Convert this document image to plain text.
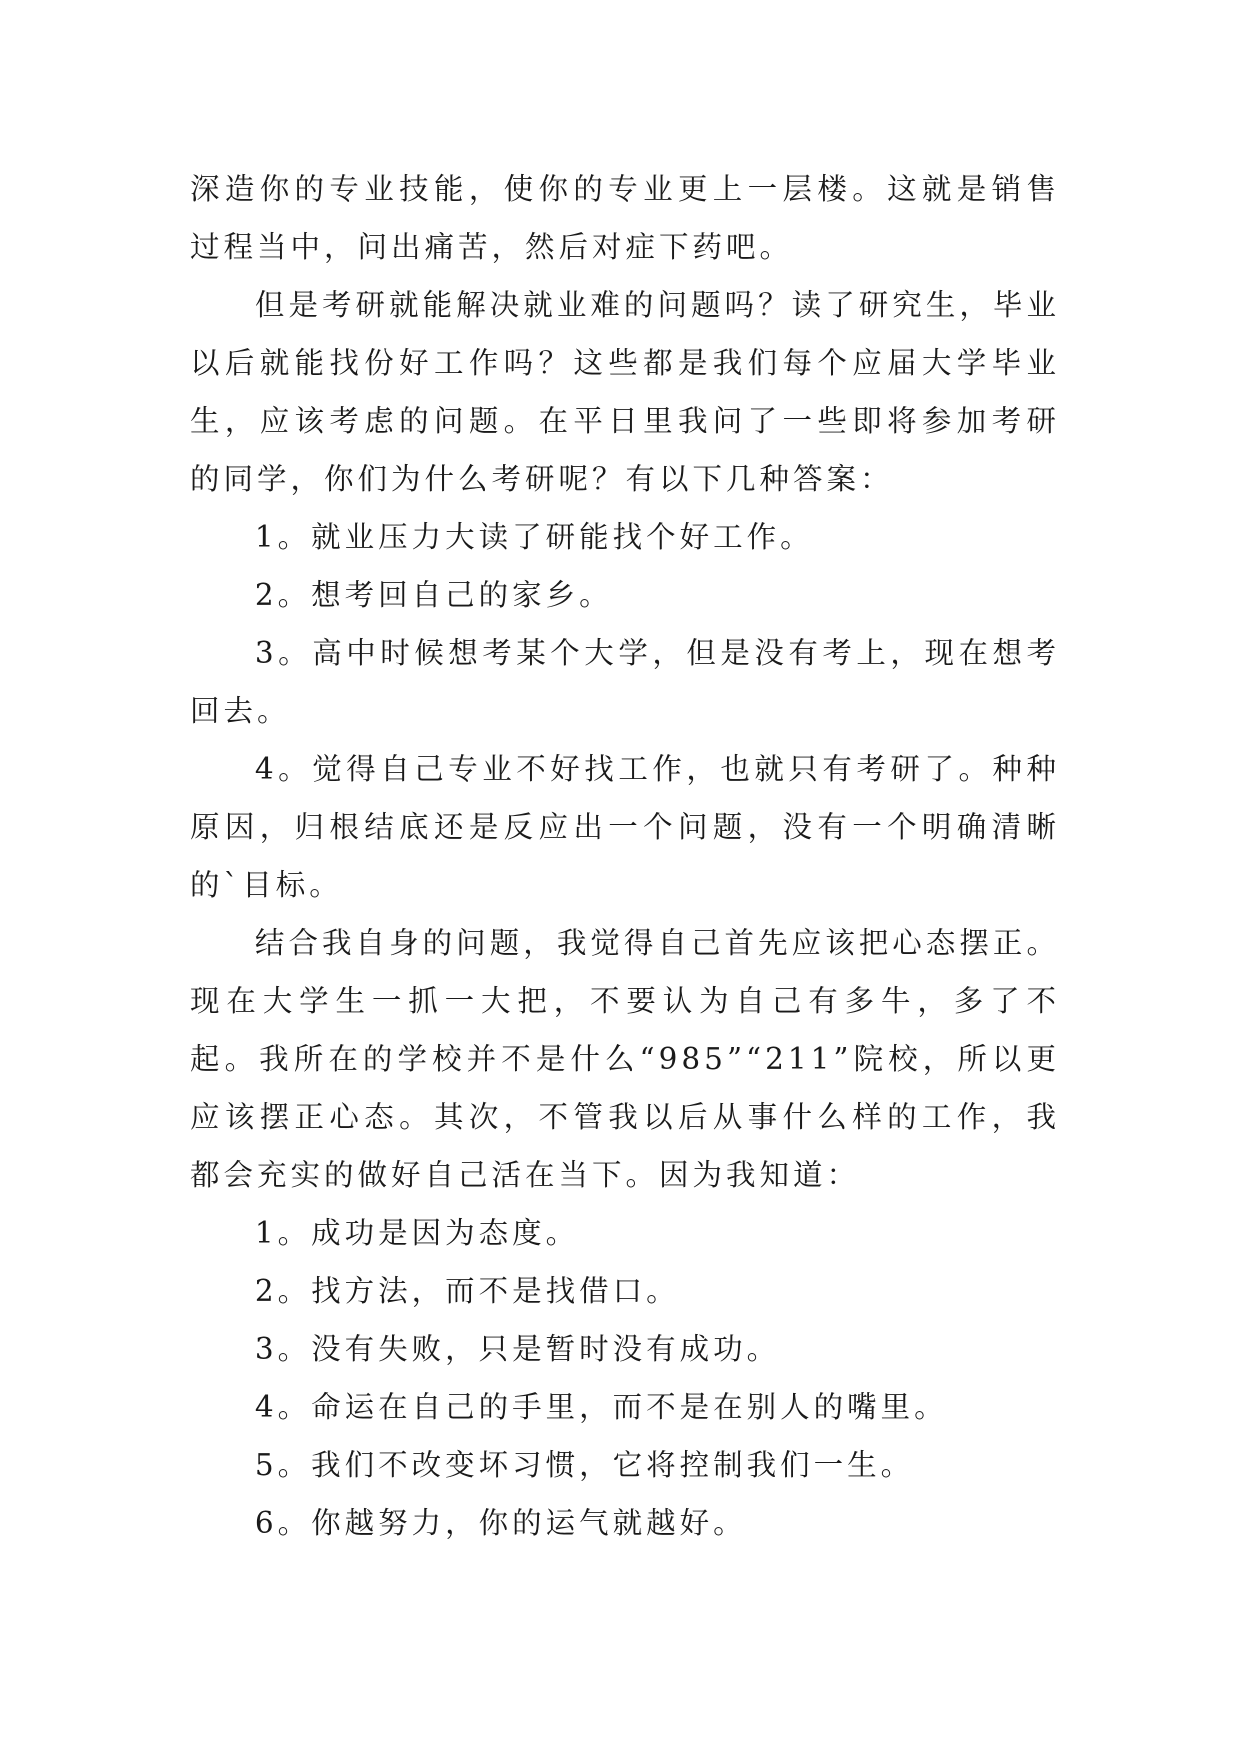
深造你的专业技能，使你的专业更上一层楼。这就是销售过程当中，问出痛苦，然后对症下药吧。

但是考研就能解决就业难的问题吗？读了研究生，毕业以后就能找份好工作吗？这些都是我们每个应届大学毕业生，应该考虑的问题。在平日里我问了一些即将参加考研的同学，你们为什么考研呢？有以下几种答案：

1。就业压力大读了研能找个好工作。

2。想考回自己的家乡。

3。高中时候想考某个大学，但是没有考上，现在想考回去。

4。觉得自己专业不好找工作，也就只有考研了。种种原因，归根结底还是反应出一个问题，没有一个明确清晰的`目标。

结合我自身的问题，我觉得自己首先应该把心态摆正。现在大学生一抓一大把，不要认为自己有多牛，多了不起。我所在的学校并不是什么“985”“211”院校，所以更应该摆正心态。其次，不管我以后从事什么样的工作，我都会充实的做好自己活在当下。因为我知道：

1。成功是因为态度。

2。找方法，而不是找借口。

3。没有失败，只是暂时没有成功。

4。命运在自己的手里，而不是在别人的嘴里。

5。我们不改变坏习惯，它将控制我们一生。

6。你越努力，你的运气就越好。
